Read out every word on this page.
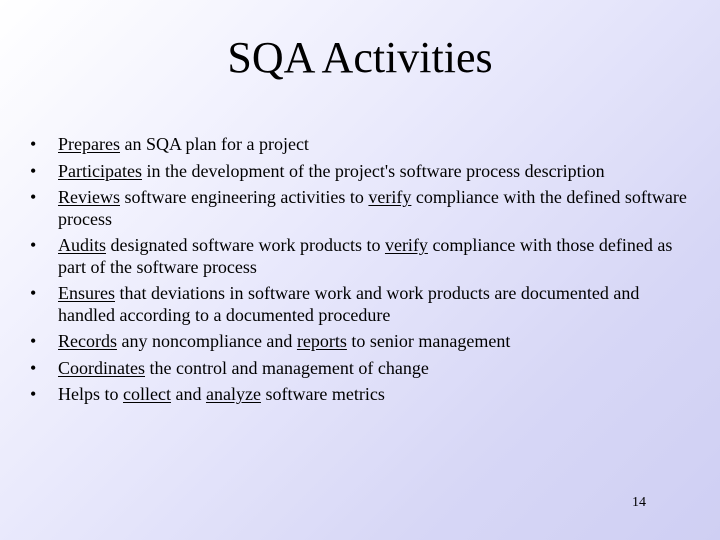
SQA Activities
•	Prepares an SQA plan for a project
•	Participates in the development of the project's software process description
•	Reviews software engineering activities to verify compliance with the defined software process
•	Audits designated software work products to verify compliance with those defined as part of the software process
•	Ensures that deviations in software work and work products are documented and handled according to a documented procedure
•	Records any noncompliance and reports to senior management
•	Coordinates the control and management of change
•	Helps to collect and analyze software metrics
14
